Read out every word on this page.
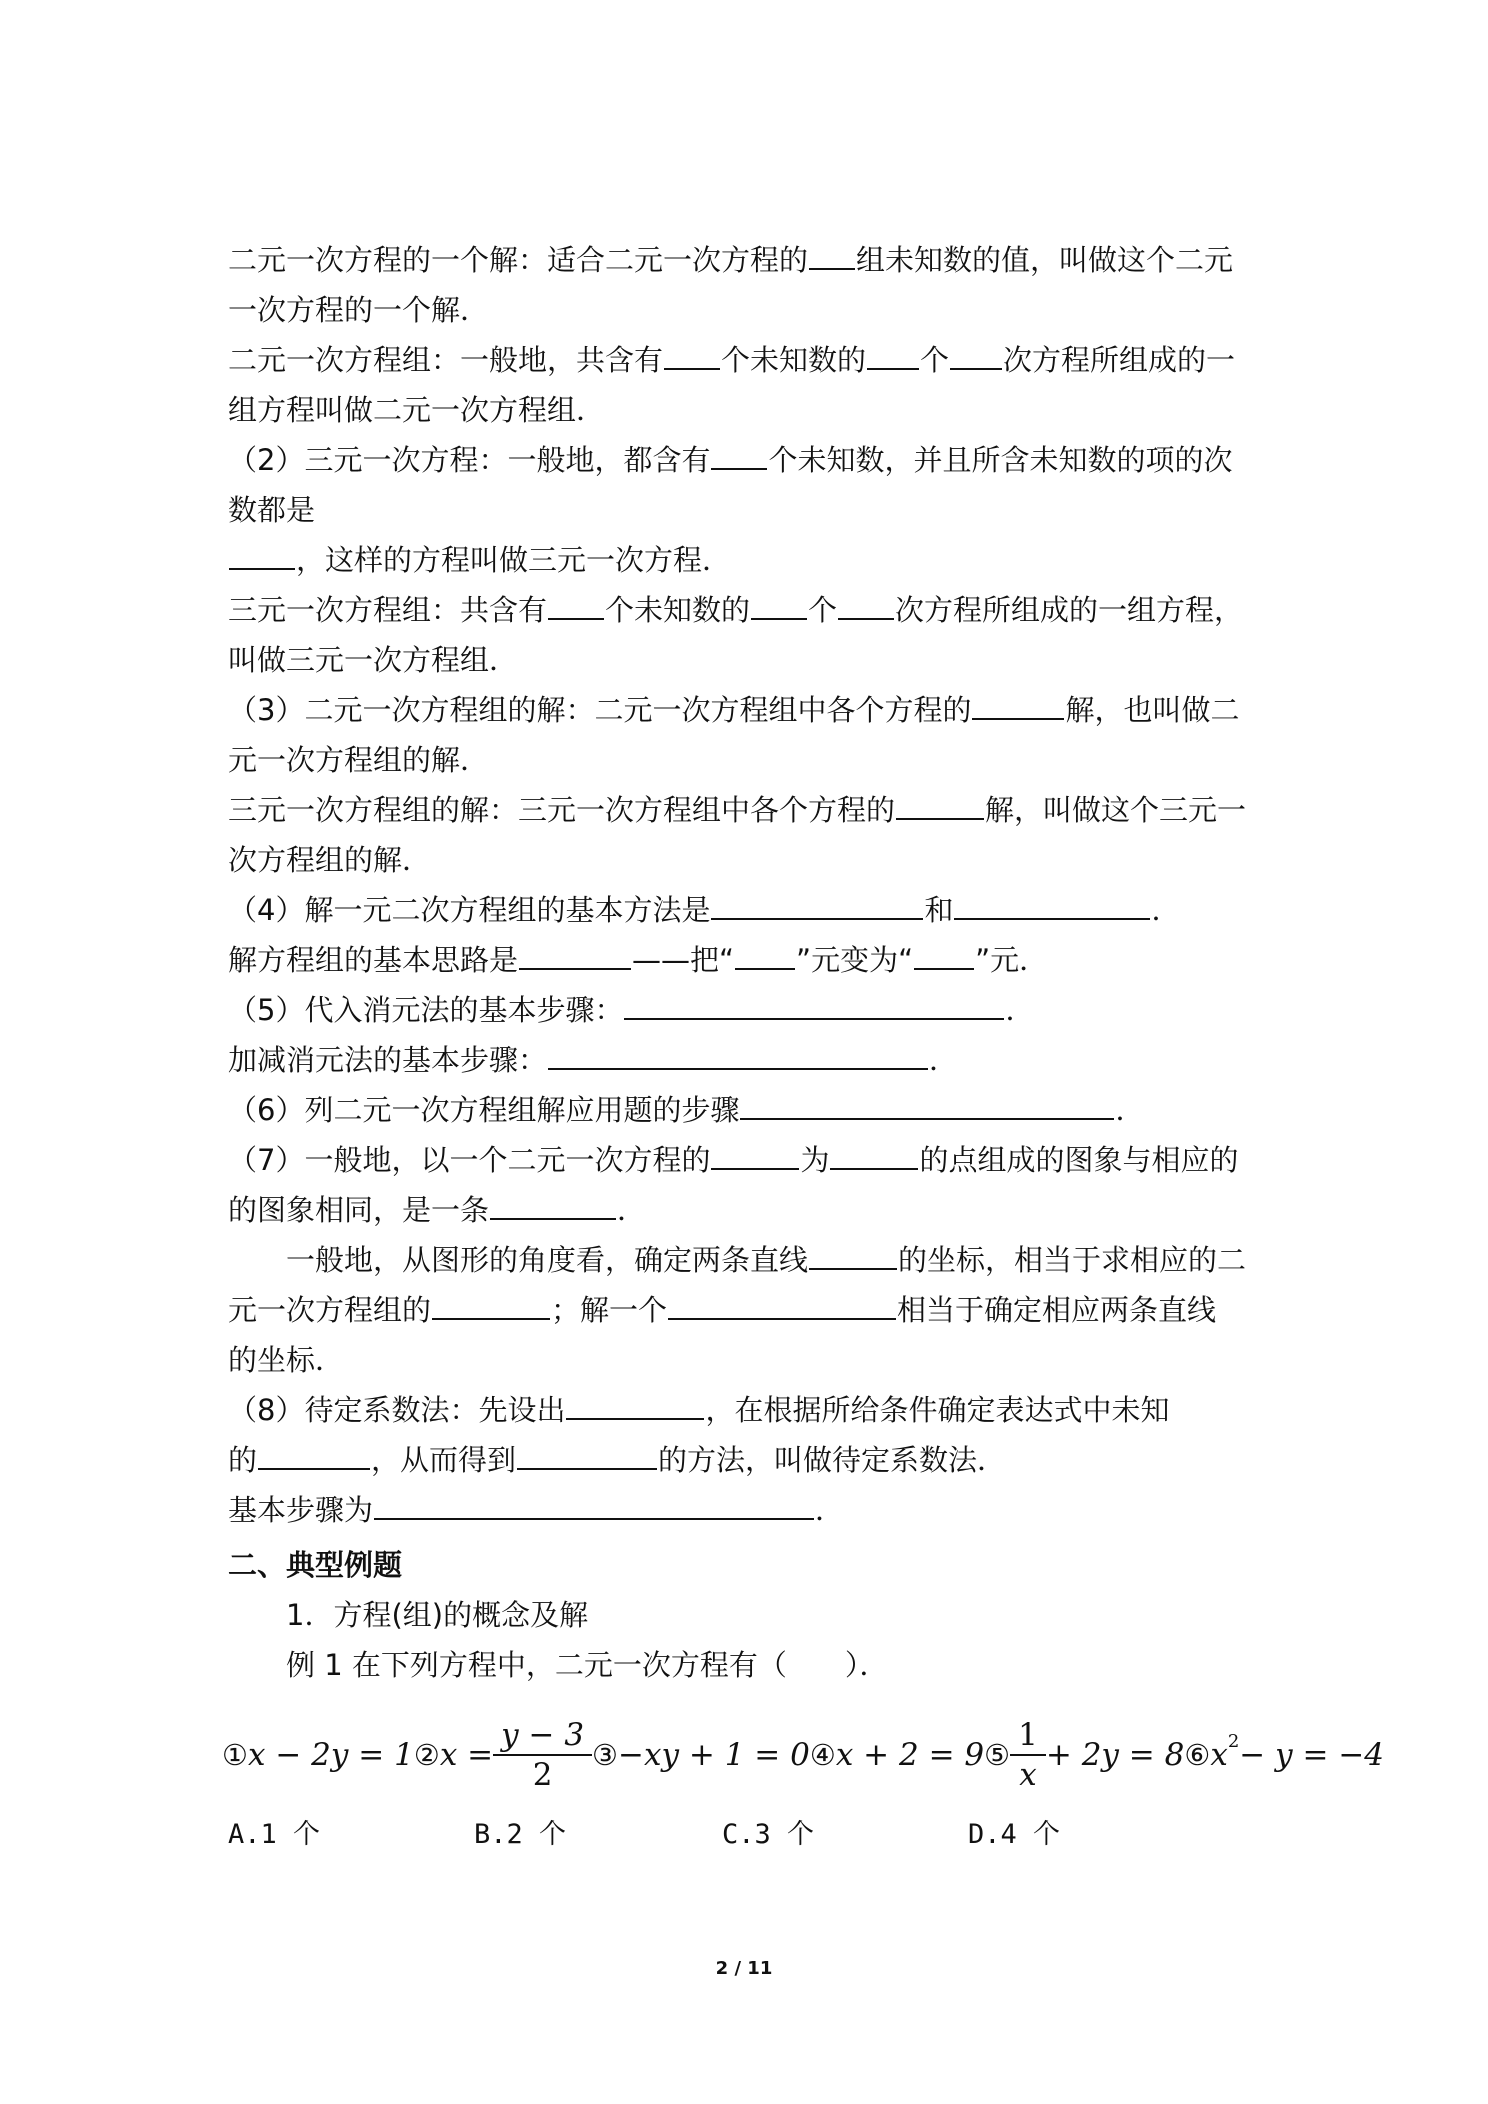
二元一次方程的一个解：适合二元一次方程的 组未知数的值，叫做这个二元
一次方程的一个解．
二元一次方程组：一般地，共含有 个未知数的 个 次方程所组成的一
组方程叫做二元一次方程组．
（2）三元一次方程：一般地，都含有 个未知数，并且所含未知数的项的次
数都是
，这样的方程叫做三元一次方程．
三元一次方程组：共含有 个未知数的 个 次方程所组成的一组方程，
叫做三元一次方程组．
（3）二元一次方程组的解：二元一次方程组中各个方程的	解，也叫做二
元一次方程组的解．
三元一次方程组的解：三元一次方程组中各个方程的	解，叫做这个三元一
次方程组的解．
（4）解一元二次方程组的基本方法是	和	．
解方程组的基本思路是	——把“ ”元变为“ ”元．
（5）代入消元法的基本步骤：	．
加减消元法的基本步骤：	．
（6）列二元一次方程组解应用题的步骤	．
（7）一般地，以一个二元一次方程的	为	的点组成的图象与相应的
的图象相同，是一条	．
　　一般地，从图形的角度看，确定两条直线	的坐标，相当于求相应的二
元一次方程组的	；解一个	相当于确定相应两条直线
的坐标．
（8）待定系数法：先设出	，在根据所给条件确定表达式中未知
的	，从而得到	的方法，叫做待定系数法．
基本步骤为	．
二、典型例题
　　1．方程(组)的概念及解
　　例 1 在下列方程中，二元一次方程有（　　）．
① x − 2y = 1 ② $x = \frac{y - 3}{2}$ ③ −xy + 1 = 0 ④ x + 2 = 9 ⑤ $\frac{1}{x} + 2y = 8$ ⑥ x 2 − y = −4
A.1 个	B.2 个	C.3 个	D.4 个
2 / 11
